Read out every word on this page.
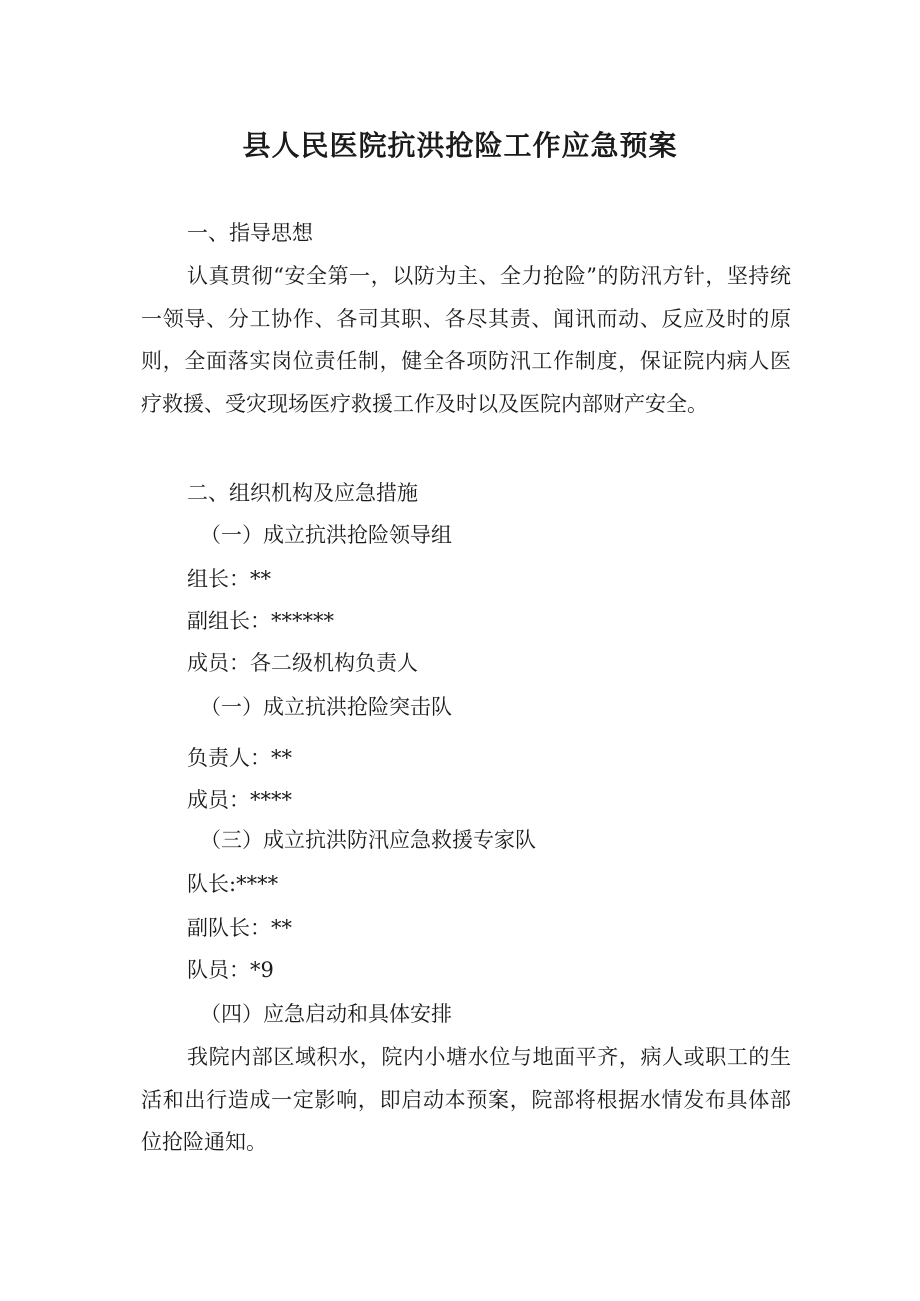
县人民医院抗洪抢险工作应急预案
一、指导思想

认真贯彻“安全第一，以防为主、全力抢险”的防汛方针，坚持统一领导、分工协作、各司其职、各尽其责、闻讯而动、反应及时的原则，全面落实岗位责任制，健全各项防汛工作制度，保证院内病人医疗救援、受灾现场医疗救援工作及时以及医院内部财产安全。

二、组织机构及应急措施
（一）成立抗洪抢险领导组
组长：**
副组长：******
成员：各二级机构负责人
（一）成立抗洪抢险突击队
负责人：**
成员：****
（三）成立抗洪防汛应急救援专家队
队长:****
副队长：**
队员：*9
（四）应急启动和具体安排

我院内部区域积水，院内小塘水位与地面平齐，病人或职工的生活和出行造成一定影响，即启动本预案，院部将根据水情发布具体部位抢险通知。
